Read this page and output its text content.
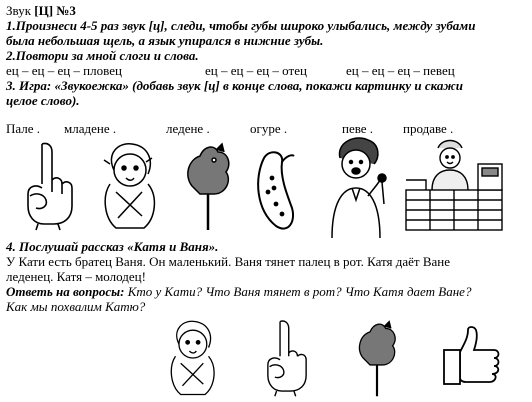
Звук [Ц] №3
1.Произнеси 4-5 раз звук [ц], следи, чтобы губы широко улыбались, между зубами
была небольшая щель, а язык упирался в нижние зубы.
2.Повтори за мной слоги и слова.
ец – ец – ец – пловец	ец – ец – ец – отец	ец – ец – ец – певец
3. Игра: «Звукоежка» (добавь звук [ц] в конце слова, покажи картинку и скажи
целое слово).
Пале . младене .	ледене .	огуре .	певе . продаве .
4. Послушай рассказ «Катя и Ваня».
У Кати есть братец Ваня. Он маленький. Ваня тянет палец в рот. Катя даёт Ване
леденец. Катя – молодец!
Ответь на вопросы: Кто у Кати? Что Ваня тянет в рот? Что Катя дает Ване?
Как мы похвалим Катю?
